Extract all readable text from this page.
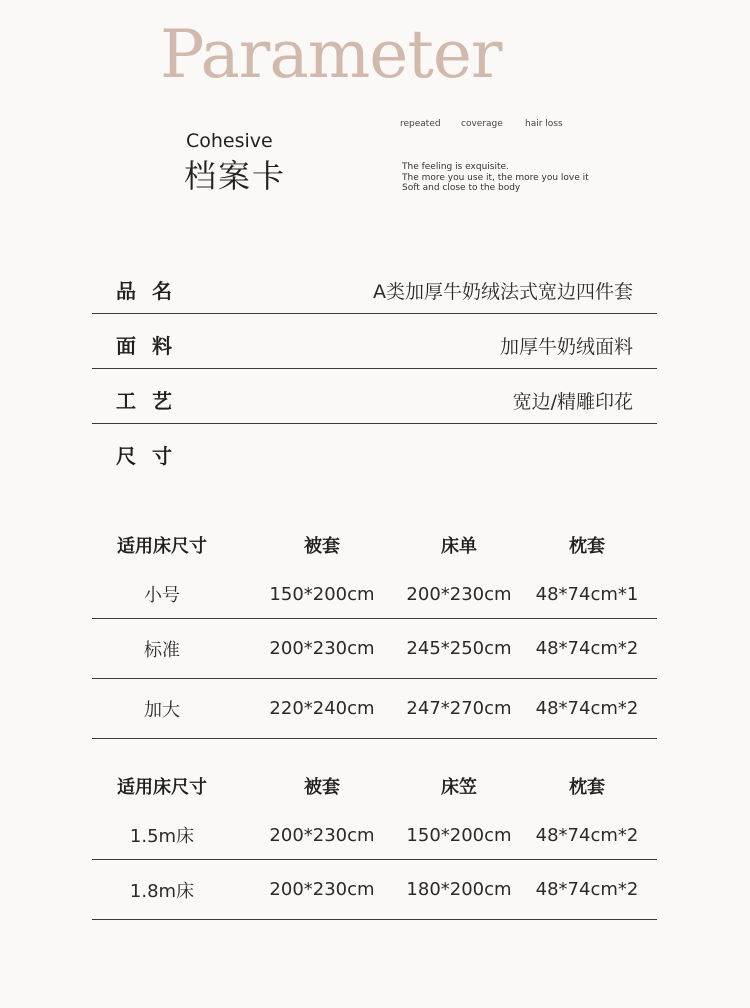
Parameter
Cohesive
档案卡
repeated coverage hair loss
The feeling is exquisite.
The more you use it, the more you love it
Soft and close to the body
品名	A类加厚牛奶绒法式宽边四件套
面料	加厚牛奶绒面料
工艺	宽边/精雕印花
尺寸
适用床尺寸	被套	床单	枕套
小号	150*200cm	200*230cm	48*74cm*1
标准	200*230cm	245*250cm	48*74cm*2
加大	220*240cm	247*270cm	48*74cm*2
适用床尺寸	被套	床笠	枕套
1.5m床	200*230cm	150*200cm	48*74cm*2
1.8m床	200*230cm	180*200cm	48*74cm*2
